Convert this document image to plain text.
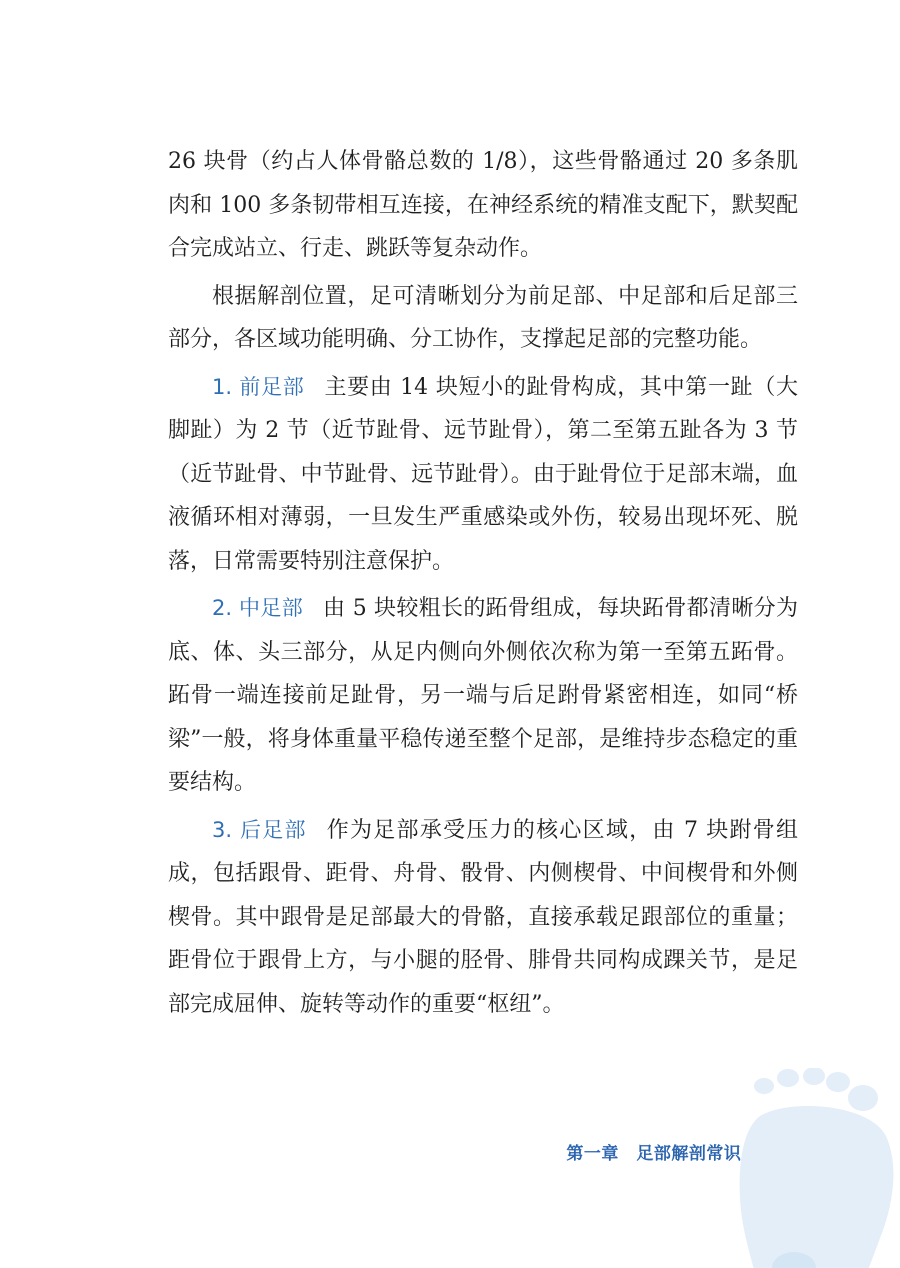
26 块骨（约占人体骨骼总数的 1/8），这些骨骼通过 20 多条肌肉和 100 多条韧带相互连接，在神经系统的精准支配下，默契配合完成站立、行走、跳跃等复杂动作。

根据解剖位置，足可清晰划分为前足部、中足部和后足部三部分，各区域功能明确、分工协作，支撑起足部的完整功能。

1. 前足部 主要由 14 块短小的趾骨构成，其中第一趾（大脚趾）为 2 节（近节趾骨、远节趾骨），第二至第五趾各为 3 节（近节趾骨、中节趾骨、远节趾骨）。由于趾骨位于足部末端，血液循环相对薄弱，一旦发生严重感染或外伤，较易出现坏死、脱落，日常需要特别注意保护。

2. 中足部 由 5 块较粗长的跖骨组成，每块跖骨都清晰分为底、体、头三部分，从足内侧向外侧依次称为第一至第五跖骨。跖骨一端连接前足趾骨，另一端与后足跗骨紧密相连，如同“桥梁”一般，将身体重量平稳传递至整个足部，是维持步态稳定的重要结构。

3. 后足部 作为足部承受压力的核心区域，由 7 块跗骨组成，包括跟骨、距骨、舟骨、骰骨、内侧楔骨、中间楔骨和外侧楔骨。其中跟骨是足部最大的骨骼，直接承载足跟部位的重量；距骨位于跟骨上方，与小腿的胫骨、腓骨共同构成踝关节，是足部完成屈伸、旋转等动作的重要“枢纽”。

第一章　足部解剖常识
